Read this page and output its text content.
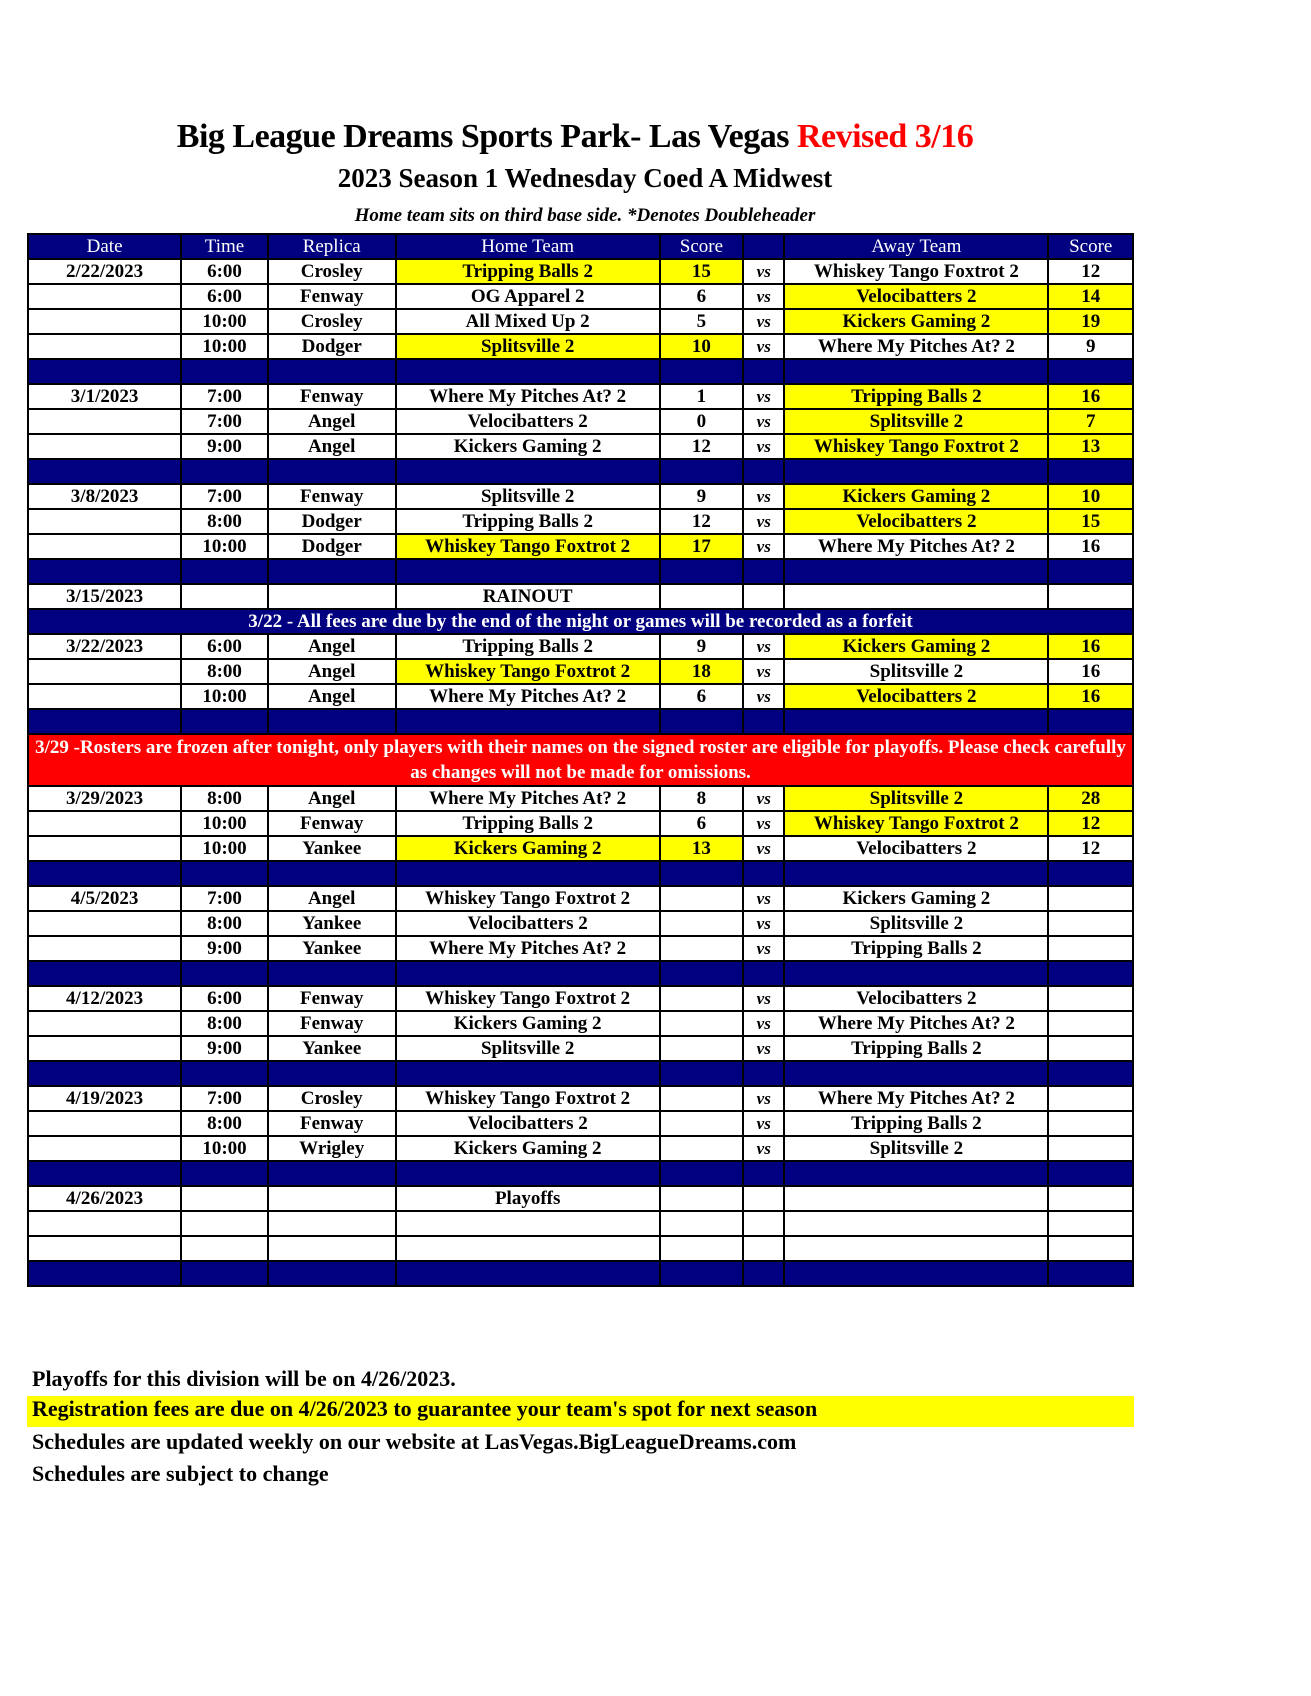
Big League Dreams Sports Park- Las Vegas Revised 3/16
2023 Season 1 Wednesday Coed A Midwest
Home team sits on third base side. *Denotes Doubleheader
Date	Time	Replica	Home Team	Score		Away Team	Score
2/22/2023	6:00	Crosley	Tripping Balls 2	15	vs	Whiskey Tango Foxtrot 2	12
	6:00	Fenway	OG Apparel 2	6	vs	Velocibatters 2	14
	10:00	Crosley	All Mixed Up 2	5	vs	Kickers Gaming 2	19
	10:00	Dodger	Splitsville 2	10	vs	Where My Pitches At? 2	9

3/1/2023	7:00	Fenway	Where My Pitches At? 2	1	vs	Tripping Balls 2	16
	7:00	Angel	Velocibatters 2	0	vs	Splitsville 2	7
	9:00	Angel	Kickers Gaming 2	12	vs	Whiskey Tango Foxtrot 2	13

3/8/2023	7:00	Fenway	Splitsville 2	9	vs	Kickers Gaming 2	10
	8:00	Dodger	Tripping Balls 2	12	vs	Velocibatters 2	15
	10:00	Dodger	Whiskey Tango Foxtrot 2	17	vs	Where My Pitches At? 2	16

3/15/2023			RAINOUT				
3/22 - All fees are due by the end of the night or games will be recorded as a forfeit							
3/22/2023	6:00	Angel	Tripping Balls 2	9	vs	Kickers Gaming 2	16
	8:00	Angel	Whiskey Tango Foxtrot 2	18	vs	Splitsville 2	16
	10:00	Angel	Where My Pitches At? 2	6	vs	Velocibatters 2	16

3/29 -Rosters are frozen after tonight, only players with their names on the signed roster are eligible for playoffs. Please check carefully as changes will not be made for omissions.							
3/29/2023	8:00	Angel	Where My Pitches At? 2	8	vs	Splitsville 2	28
	10:00	Fenway	Tripping Balls 2	6	vs	Whiskey Tango Foxtrot 2	12
	10:00	Yankee	Kickers Gaming 2	13	vs	Velocibatters 2	12

4/5/2023	7:00	Angel	Whiskey Tango Foxtrot 2		vs	Kickers Gaming 2	
	8:00	Yankee	Velocibatters 2		vs	Splitsville 2	
	9:00	Yankee	Where My Pitches At? 2		vs	Tripping Balls 2	

4/12/2023	6:00	Fenway	Whiskey Tango Foxtrot 2		vs	Velocibatters 2	
	8:00	Fenway	Kickers Gaming 2		vs	Where My Pitches At? 2	
	9:00	Yankee	Splitsville 2		vs	Tripping Balls 2	

4/19/2023	7:00	Crosley	Whiskey Tango Foxtrot 2		vs	Where My Pitches At? 2	
	8:00	Fenway	Velocibatters 2		vs	Tripping Balls 2	
	10:00	Wrigley	Kickers Gaming 2		vs	Splitsville 2	

4/26/2023			Playoffs				

Playoffs for this division will be on 4/26/2023.
Registration fees are due on 4/26/2023 to guarantee your team's spot for next season
Schedules are updated weekly on our website at LasVegas.BigLeagueDreams.com
Schedules are subject to change
